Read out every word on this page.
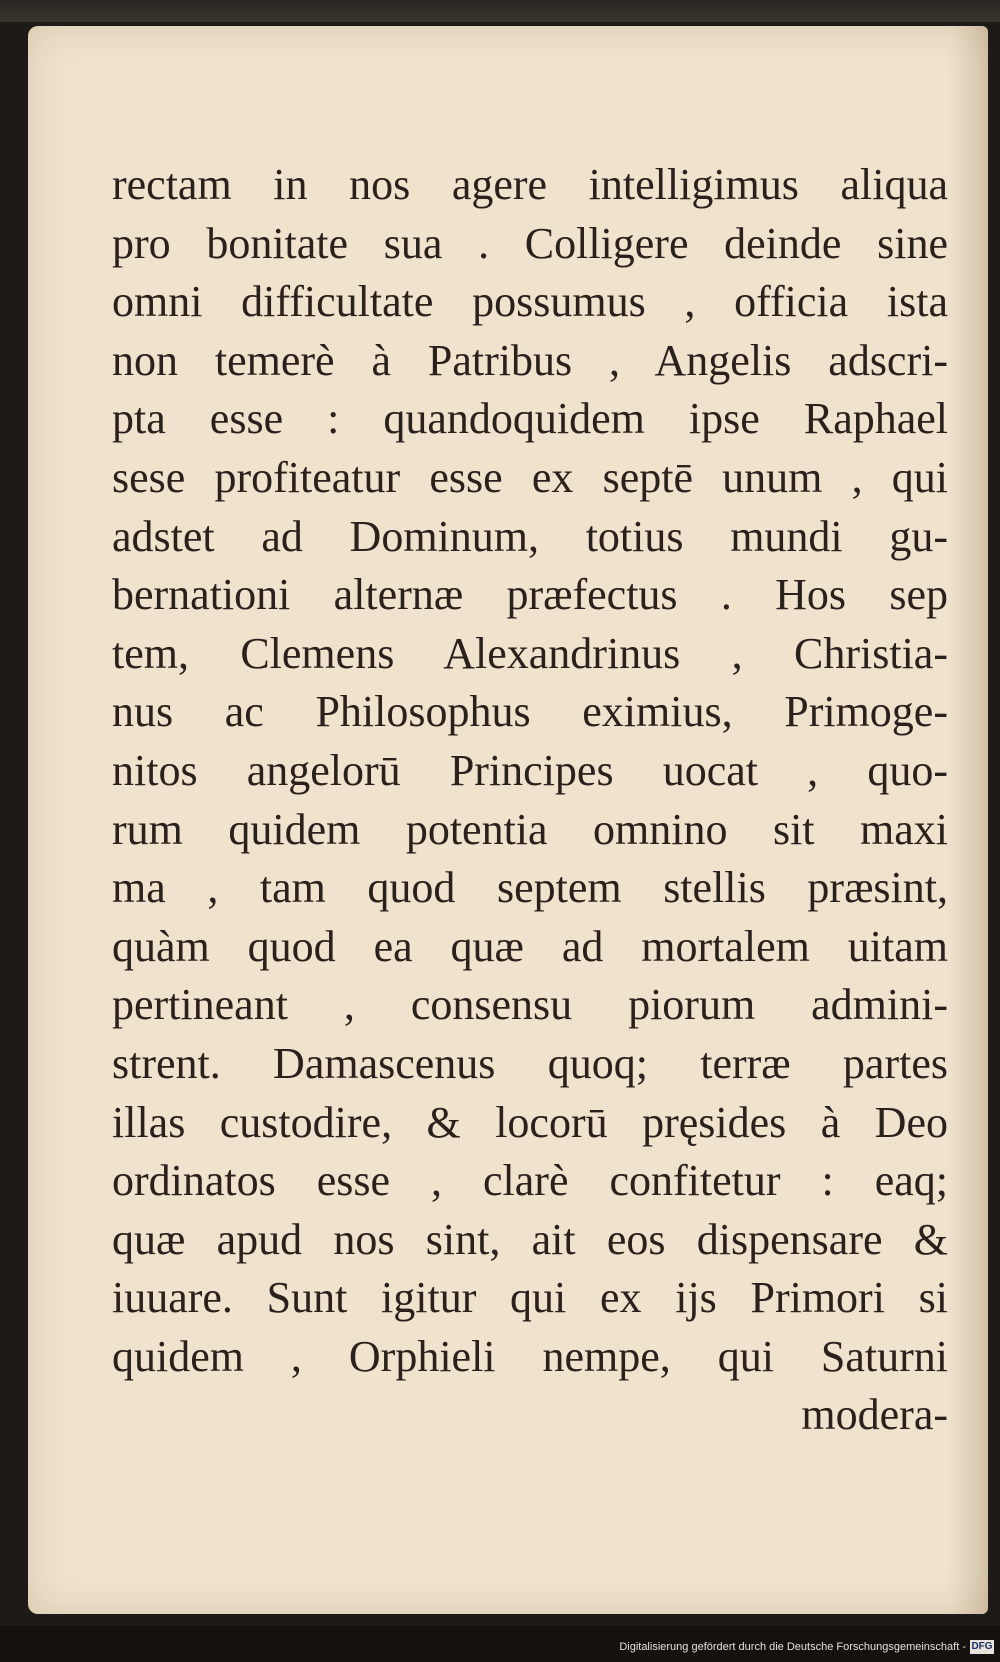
rectam in nos agere intelligimus aliqua
pro bonitate sua . Colligere deinde sine
omni difficultate possumus , officia ista
non temerè à Patribus , Angelis adscri-
pta esse : quandoquidem ipse Raphael
sese profiteatur esse ex septē unum , qui
adstet ad Dominum, totius mundi gu-
bernationi alternæ præfectus . Hos sep
tem, Clemens Alexandrinus , Christia-
nus ac Philosophus eximius, Primoge-
nitos angelorū Principes uocat , quo-
rum quidem potentia omnino sit maxi
ma , tam quod septem stellis præsint,
quàm quod ea quæ ad mortalem uitam
pertineant , consensu piorum admini-
strent. Damascenus quoq; terræ partes
illas custodire, & locorū pręsides à Deo
ordinatos esse , clarè confitetur : eaq;
quæ apud nos sint, ait eos dispensare &
iuuare. Sunt igitur qui ex ijs Primori si
quidem , Orphieli nempe, qui Saturni
modera-
Digitalisierung gefördert durch die Deutsche Forschungsgemeinschaft - DFG
